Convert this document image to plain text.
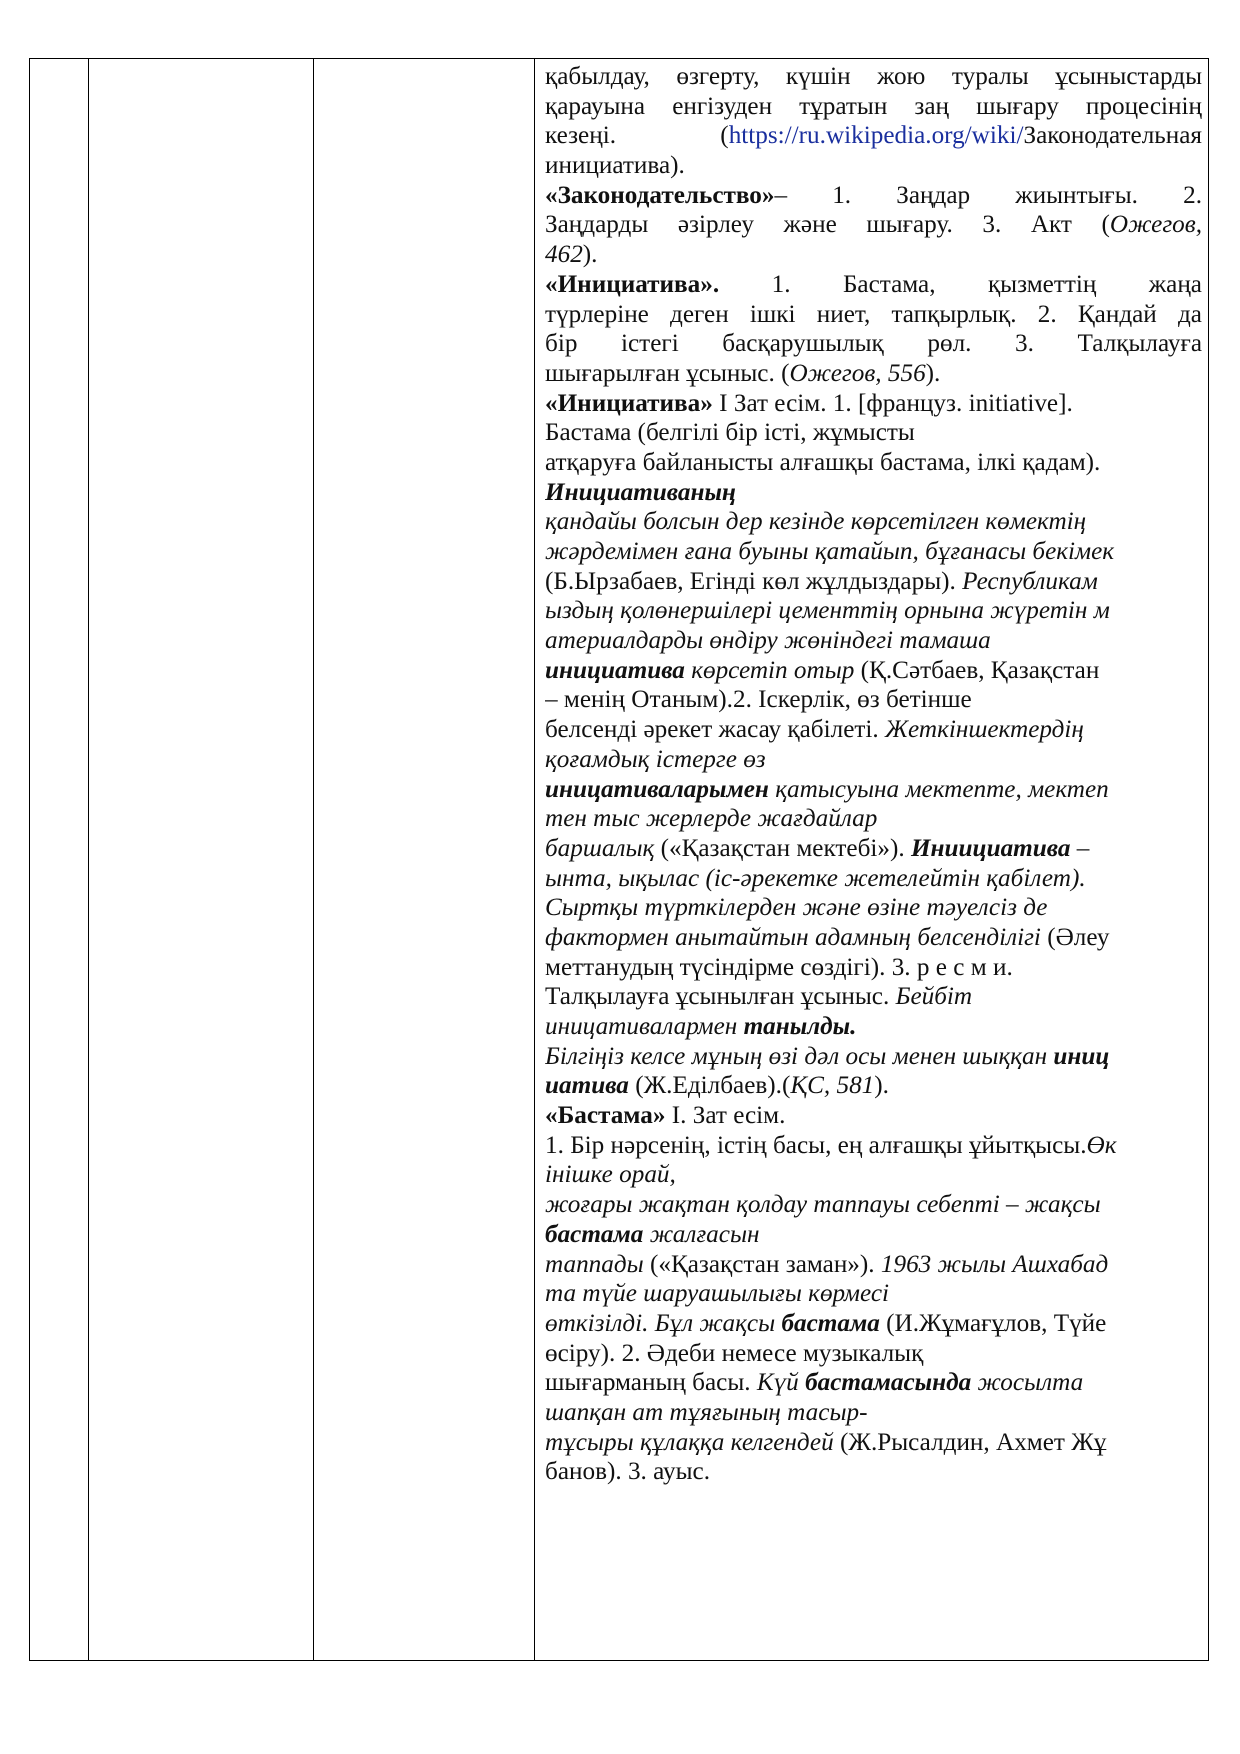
қабылдау, өзгерту, күшін жою туралы ұсыныстарды
қарауына енгізуден тұратын заң шығару процесінің
кезеңі. (https://ru.wikipedia.org/wiki/Законодательная
инициатива).
«Законодательство»– 1. Заңдар жиынтығы. 2.
Заңдарды әзірлеу және шығару. 3. Акт (Ожегов,
462).
«Инициатива». 1. Бастама, қызметтің жаңа
түрлеріне деген ішкі ниет, тапқырлық. 2. Қандай да
бір істегі басқарушылық рөл. 3. Талқылауға
шығарылған ұсыныс. (Ожегов, 556).
«Инициатива» I Зат есім. 1. [француз. initiative].
Бастама (белгілі бір істі, жұмысты
атқаруға байланысты алғашқы бастама, ілкі қадам).
Инициативаның
қандайы болсын дер кезінде көрсетілген көмектің
жәрдемімен ғана буыны қатайып, бұғанасы бекімек
(Б.Ырзабаев, Егінді көл жұлдыздары). Республикам
ыздың қолөнершілері цементтің орнына жүретін м
атериалдарды өндіру жөніндегі тамаша
инициатива көрсетіп отыр (Қ.Сәтбаев, Қазақстан
– менің Отаным).2. Іскерлік, өз бетінше
белсенді әрекет жасау қабілеті. Жеткіншектердің
қоғамдық істерге өз
иницативаларымен қатысуына мектепте, мектеп
тен тыс жерлерде жағдайлар
баршалық («Қазақстан мектебі»). Иниициатива –
ынта, ықылас (іс-әрекетке жетелейтін қабілет).
Сыртқы түрткілерден және өзіне тәуелсіз де
фактормен анытайтын адамның белсенділігі (Әлеу
меттанудың түсіндірме сөздігі). 3. р е с м и.
Талқылауға ұсынылған ұсыныс. Бейбіт
иницативалармен танылды.
Білгіңіз келсе мұның өзі дәл осы менен шыққан иниц
иатива (Ж.Еділбаев).(ҚС, 581).
«Бастама» I. Зат есім.
1. Бір нәрсенің, істің басы, ең алғашқы ұйытқысы.Өк
інішке орай,
жоғары жақтан қолдау таппауы себепті – жақсы
бастама жалғасын
таппады («Қазақстан заман»). 1963 жылы Ашхабад
та түйе шаруашылығы көрмесі
өткізілді. Бұл жақсы бастама (И.Жұмағұлов, Түйе
өсіру). 2. Әдеби немесе музыкалық
шығарманың басы. Күй бастамасында жосылта
шапқан ат тұяғының тасыр-
тұсыры құлаққа келгендей (Ж.Рысалдин, Ахмет Жұ
банов). 3. ауыс.
